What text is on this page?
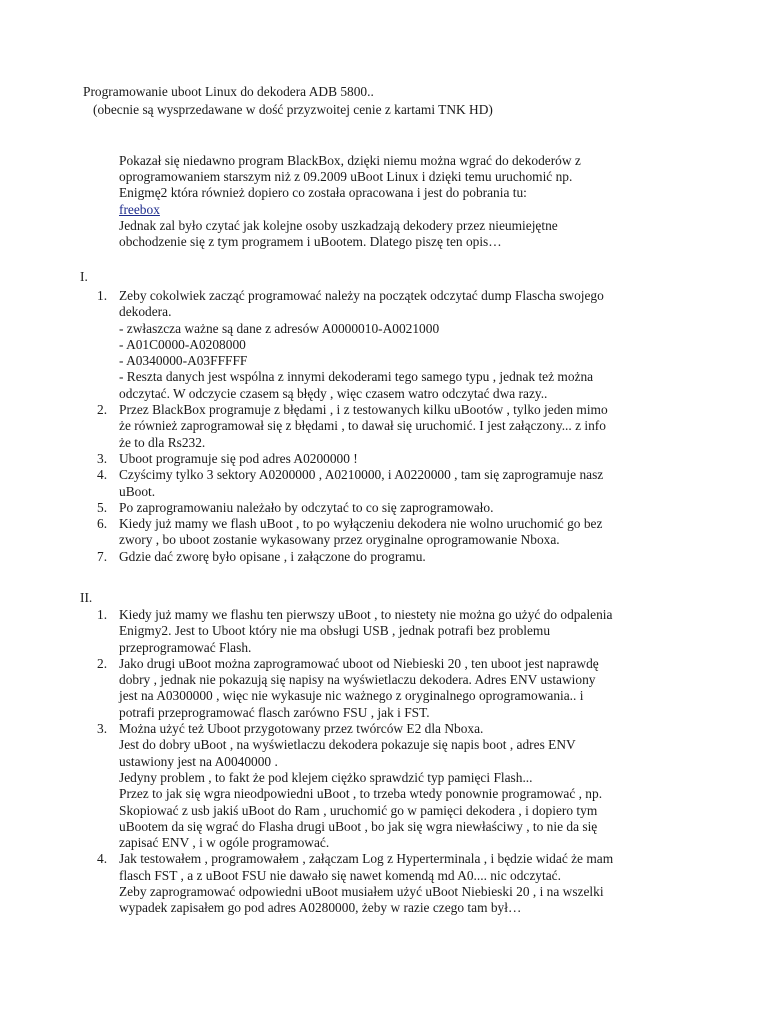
Programowanie uboot Linux do dekodera ADB 5800..
(obecnie są wysprzedawane w dość przyzwoitej cenie z kartami TNK HD)

Pokazał się niedawno program BlackBox, dzięki niemu można wgrać do dekoderów z

oprogramowaniem starszym niż z 09.2009 uBoot Linux i dzięki temu uruchomić np.

Enigmę2 która również dopiero co została opracowana i jest do pobrania tu:

freebox

Jednak zal było czytać jak kolejne osoby uszkadzają dekodery przez nieumiejętne

obchodzenie się z tym programem i uBootem. Dlatego piszę ten opis…

I.
1. Zeby cokolwiek zacząć programować należy na początek odczytać dump Flascha swojego
dekodera.
- zwłaszcza ważne są dane z adresów A0000010-A0021000
- A01C0000-A0208000
- A0340000-A03FFFFF
- Reszta danych jest wspólna z innymi dekoderami tego samego typu , jednak też można
odczytać. W odczycie czasem są błędy , więc czasem watro odczytać dwa razy..
2. Przez BlackBox programuje z błędami , i z testowanych kilku uBootów , tylko jeden mimo
że również zaprogramował się z błędami , to dawał się uruchomić. I jest załączony... z info
że to dla Rs232.
3. Uboot programuje się pod adres A0200000 !
4. Czyścimy tylko 3 sektory A0200000 , A0210000, i A0220000 , tam się zaprogramuje nasz
uBoot.
5. Po zaprogramowaniu należało by odczytać to co się zaprogramowało.
6. Kiedy już mamy we flash uBoot , to po wyłączeniu dekodera nie wolno uruchomić go bez
zwory , bo uboot zostanie wykasowany przez oryginalne oprogramowanie Nboxa.
7. Gdzie dać zworę było opisane , i załączone do programu.
II.
1. Kiedy już mamy we flashu ten pierwszy uBoot , to niestety nie można go użyć do odpalenia
Enigmy2. Jest to Uboot który nie ma obsługi USB , jednak potrafi bez problemu
przeprogramować Flash.
2. Jako drugi uBoot można zaprogramować uboot od Niebieski 20 , ten uboot jest naprawdę
dobry , jednak nie pokazują się napisy na wyświetlaczu dekodera. Adres ENV ustawiony
jest na A0300000 , więc nie wykasuje nic ważnego z oryginalnego oprogramowania.. i
potrafi przeprogramować flasch zarówno FSU , jak i FST.
3. Można użyć też Uboot przygotowany przez twórców E2 dla Nboxa.
Jest do dobry uBoot , na wyświetlaczu dekodera pokazuje się napis boot , adres ENV
ustawiony jest na A0040000 .
Jedyny problem , to fakt że pod klejem ciężko sprawdzić typ pamięci Flash...
Przez to jak się wgra nieodpowiedni uBoot , to trzeba wtedy ponownie programować , np.
Skopiować z usb jakiś uBoot do Ram , uruchomić go w pamięci dekodera , i dopiero tym
uBootem da się wgrać do Flasha drugi uBoot , bo jak się wgra niewłaściwy , to nie da się
zapisać ENV , i w ogóle programować.
4. Jak testowałem , programowałem , załączam Log z Hyperterminala , i będzie widać że mam
flasch FST , a z uBoot FSU nie dawało się nawet komendą md A0.... nic odczytać.
Zeby zaprogramować odpowiedni uBoot musiałem użyć uBoot Niebieski 20 , i na wszelki
wypadek zapisałem go pod adres A0280000, żeby w razie czego tam był…
